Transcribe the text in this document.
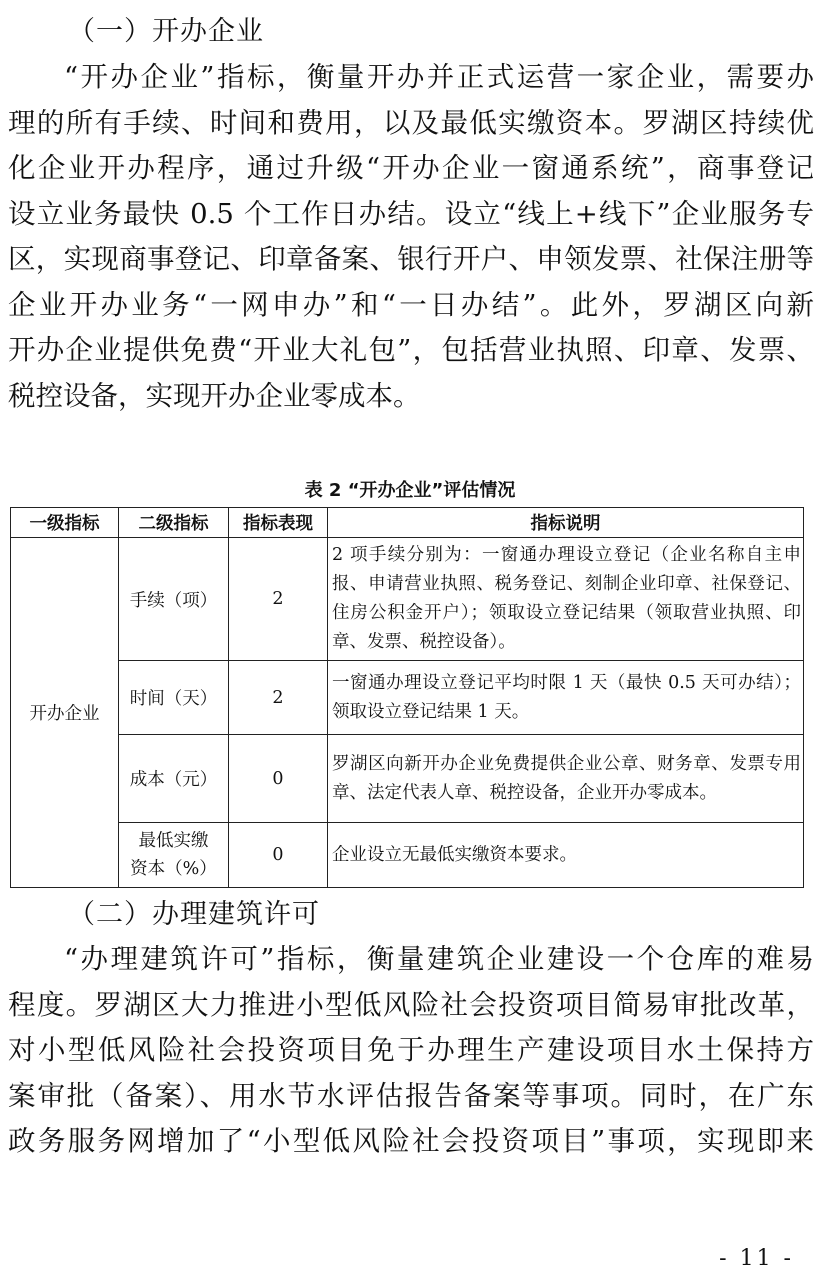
（一）开办企业
“开办企业”指标，衡量开办并正式运营一家企业，需要办
理的所有手续、时间和费用，以及最低实缴资本。罗湖区持续优
化企业开办程序，通过升级“开办企业一窗通系统”，商事登记
设立业务最快 0.5 个工作日办结。设立“线上+线下”企业服务专
区，实现商事登记、印章备案、银行开户、申领发票、社保注册等
企业开办业务“一网申办”和“一日办结”。此外，罗湖区向新
开办企业提供免费“开业大礼包”，包括营业执照、印章、发票、
税控设备，实现开办企业零成本。
表 2 “开办企业”评估情况
一级指标	二级指标	指标表现	指标说明
开办企业	手续（项）	2	2 项手续分别为：一窗通办理设立登记（企业名称自主申报、申请营业执照、税务登记、刻制企业印章、社保登记、住房公积金开户）；领取设立登记结果（领取营业执照、印章、发票、税控设备）。
	时间（天）	2	一窗通办理设立登记平均时限 1 天（最快 0.5 天可办结）；领取设立登记结果 1 天。
	成本（元）	0	罗湖区向新开办企业免费提供企业公章、财务章、发票专用章、法定代表人章、税控设备，企业开办零成本。
	最低实缴
资本（%）	0	企业设立无最低实缴资本要求。
（二）办理建筑许可
“办理建筑许可”指标，衡量建筑企业建设一个仓库的难易
程度。罗湖区大力推进小型低风险社会投资项目简易审批改革，
对小型低风险社会投资项目免于办理生产建设项目水土保持方
案审批（备案）、用水节水评估报告备案等事项。同时，在广东
政务服务网增加了“小型低风险社会投资项目”事项，实现即来
- 11 -
